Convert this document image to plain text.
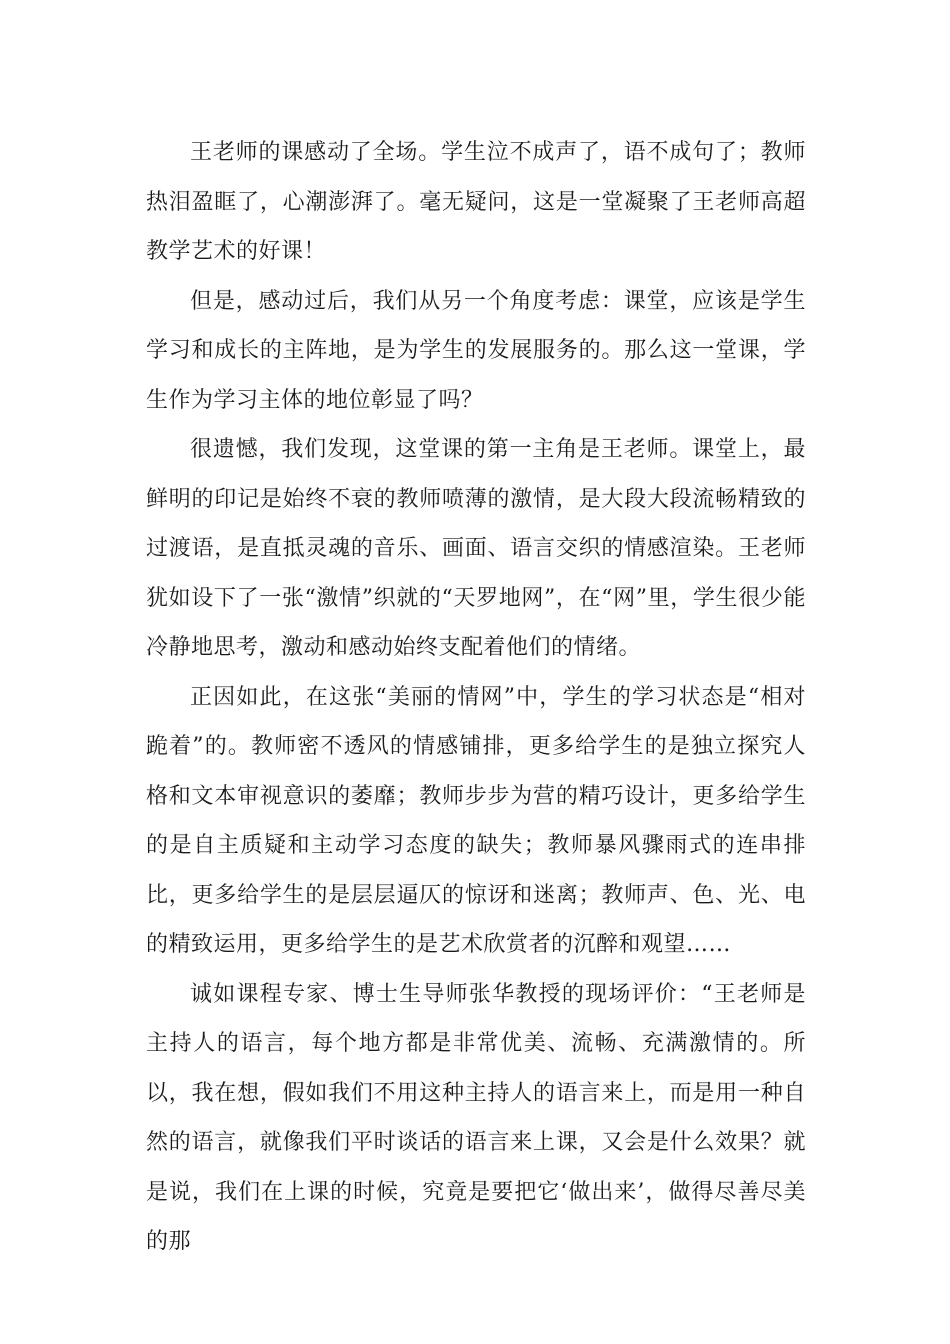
王老师的课感动了全场。学生泣不成声了，语不成句了；教师热泪盈眶了，心潮澎湃了。毫无疑问，这是一堂凝聚了王老师高超教学艺术的好课！

但是，感动过后，我们从另一个角度考虑：课堂，应该是学生学习和成长的主阵地，是为学生的发展服务的。那么这一堂课，学生作为学习主体的地位彰显了吗？

很遗憾，我们发现，这堂课的第一主角是王老师。课堂上，最鲜明的印记是始终不衰的教师喷薄的激情，是大段大段流畅精致的过渡语，是直抵灵魂的音乐、画面、语言交织的情感渲染。王老师犹如设下了一张“激情”织就的“天罗地网”，在“网”里，学生很少能冷静地思考，激动和感动始终支配着他们的情绪。

正因如此，在这张“美丽的情网”中，学生的学习状态是“相对跪着”的。教师密不透风的情感铺排，更多给学生的是独立探究人格和文本审视意识的萎靡；教师步步为营的精巧设计，更多给学生的是自主质疑和主动学习态度的缺失；教师暴风骤雨式的连串排比，更多给学生的是层层逼仄的惊讶和迷离；教师声、色、光、电的精致运用，更多给学生的是艺术欣赏者的沉醉和观望……

诚如课程专家、博士生导师张华教授的现场评价：“王老师是主持人的语言，每个地方都是非常优美、流畅、充满激情的。所以，我在想，假如我们不用这种主持人的语言来上，而是用一种自然的语言，就像我们平时谈话的语言来上课，又会是什么效果？就是说，我们在上课的时候，究竟是要把它‘做出来’，做得尽善尽美的那
